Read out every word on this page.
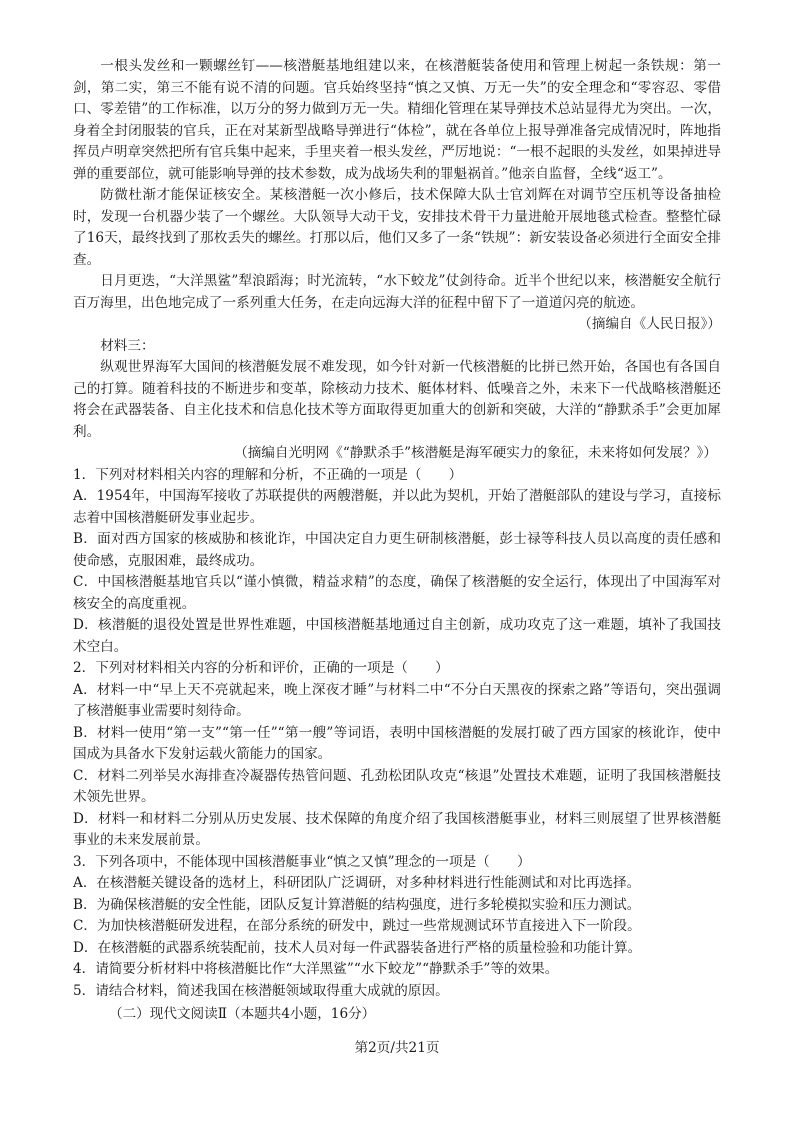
一根头发丝和一颗螺丝钉——核潜艇基地组建以来，在核潜艇装备使用和管理上树起一条铁规：第一剑，第二实，第三不能有说不清的问题。官兵始终坚持“慎之又慎、万无一失”的安全理念和“零容忍、零借口、零差错”的工作标准，以万分的努力做到万无一失。精细化管理在某导弹技术总站显得尤为突出。一次，身着全封闭服装的官兵，正在对某新型战略导弹进行“体检”，就在各单位上报导弹准备完成情况时，阵地指挥员卢明章突然把所有官兵集中起来，手里夹着一根头发丝，严厉地说：“一根不起眼的头发丝，如果掉进导弹的重要部位，就可能影响导弹的技术参数，成为战场失利的罪魁祸首。”他亲自监督，全线“返工”。

防微杜渐才能保证核安全。某核潜艇一次小修后，技术保障大队士官刘辉在对调节空压机等设备抽检时，发现一台机器少装了一个螺丝。大队领导大动干戈，安排技术骨干力量进舱开展地毯式检查。整整忙碌了16天，最终找到了那枚丢失的螺丝。打那以后，他们又多了一条“铁规”：新安装设备必须进行全面安全排查。

日月更迭，“大洋黑鲨”犁浪蹈海；时光流转，“水下蛟龙”仗剑待命。近半个世纪以来，核潜艇安全航行百万海里，出色地完成了一系列重大任务，在走向远海大洋的征程中留下了一道道闪亮的航迹。

（摘编自《人民日报》）

材料三：

纵观世界海军大国间的核潜艇发展不难发现，如今针对新一代核潜艇的比拼已然开始，各国也有各国自己的打算。随着科技的不断进步和变革，除核动力技术、艇体材料、低噪音之外，未来下一代战略核潜艇还将会在武器装备、自主化技术和信息化技术等方面取得更加重大的创新和突破，大洋的“静默杀手”会更加犀利。

（摘编自光明网《“静默杀手”核潜艇是海军硬实力的象征，未来将如何发展？》）

1．下列对材料相关内容的理解和分析，不正确的一项是（　　）

A．1954年，中国海军接收了苏联提供的两艘潜艇，并以此为契机，开始了潜艇部队的建设与学习，直接标志着中国核潜艇研发事业起步。

B．面对西方国家的核威胁和核讹诈，中国决定自力更生研制核潜艇，彭士禄等科技人员以高度的责任感和使命感，克服困难，最终成功。

C．中国核潜艇基地官兵以“谨小慎微，精益求精”的态度，确保了核潜艇的安全运行，体现出了中国海军对核安全的高度重视。

D．核潜艇的退役处置是世界性难题，中国核潜艇基地通过自主创新，成功攻克了这一难题，填补了我国技术空白。

2．下列对材料相关内容的分析和评价，正确的一项是（　　）

A．材料一中“早上天不亮就起来，晚上深夜才睡”与材料二中“不分白天黑夜的探索之路”等语句，突出强调了核潜艇事业需要时刻待命。

B．材料一使用“第一支”“第一任”“第一艘”等词语，表明中国核潜艇的发展打破了西方国家的核讹诈，使中国成为具备水下发射运载火箭能力的国家。

C．材料二列举吴水海排查冷凝器传热管问题、孔劲松团队攻克“核退”处置技术难题，证明了我国核潜艇技术领先世界。

D．材料一和材料二分别从历史发展、技术保障的角度介绍了我国核潜艇事业，材料三则展望了世界核潜艇事业的未来发展前景。

3．下列各项中，不能体现中国核潜艇事业“慎之又慎”理念的一项是（　　）

A．在核潜艇关键设备的选材上，科研团队广泛调研，对多种材料进行性能测试和对比再选择。

B．为确保核潜艇的安全性能，团队反复计算潜艇的结构强度，进行多轮模拟实验和压力测试。

C．为加快核潜艇研发进程，在部分系统的研发中，跳过一些常规测试环节直接进入下一阶段。

D．在核潜艇的武器系统装配前，技术人员对每一件武器装备进行严格的质量检验和功能计算。

4．请简要分析材料中将核潜艇比作“大洋黑鲨”“水下蛟龙”“静默杀手”等的效果。

5．请结合材料，简述我国在核潜艇领域取得重大成就的原因。

（二）现代文阅读Ⅱ（本题共4小题，16分）

第2页/共21页
